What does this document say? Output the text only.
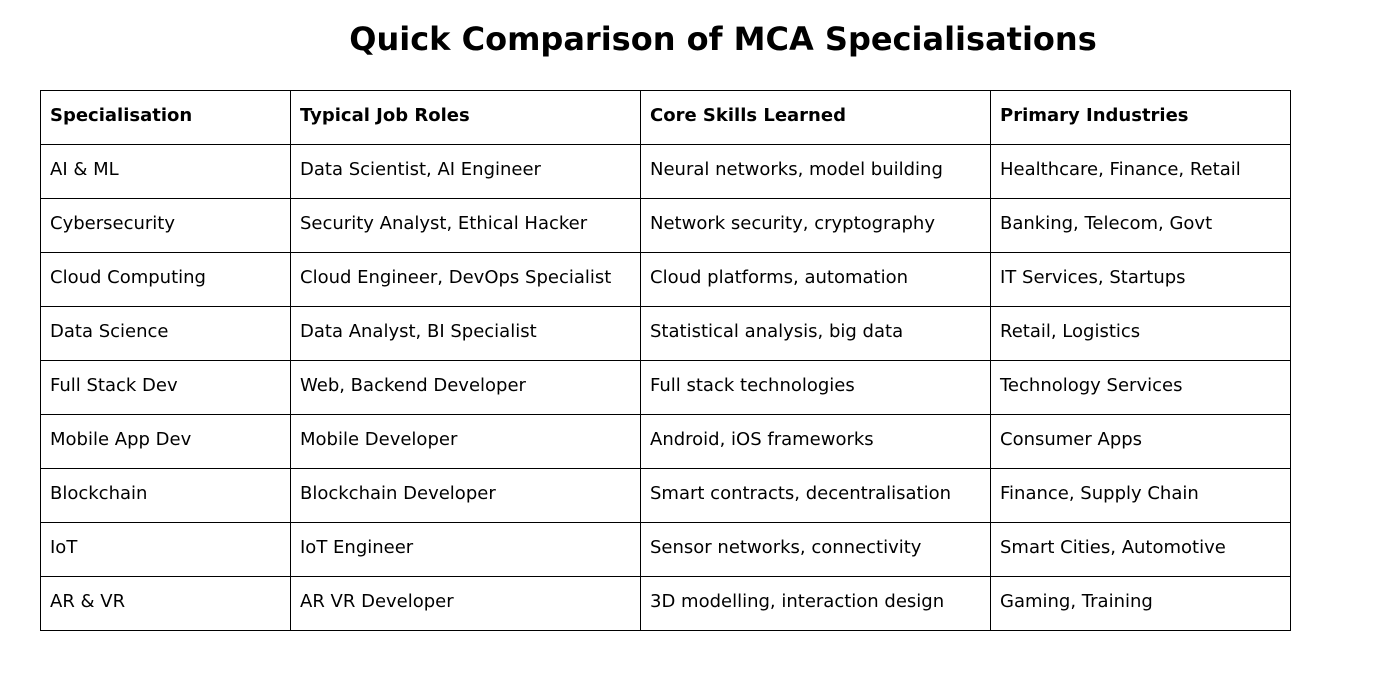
Quick Comparison of MCA Specialisations
Specialisation	Typical Job Roles	Core Skills Learned	Primary Industries
AI & ML	Data Scientist, AI Engineer	Neural networks, model building	Healthcare, Finance, Retail
Cybersecurity	Security Analyst, Ethical Hacker	Network security, cryptography	Banking, Telecom, Govt
Cloud Computing	Cloud Engineer, DevOps Specialist	Cloud platforms, automation	IT Services, Startups
Data Science	Data Analyst, BI Specialist	Statistical analysis, big data	Retail, Logistics
Full Stack Dev	Web, Backend Developer	Full stack technologies	Technology Services
Mobile App Dev	Mobile Developer	Android, iOS frameworks	Consumer Apps
Blockchain	Blockchain Developer	Smart contracts, decentralisation	Finance, Supply Chain
IoT	IoT Engineer	Sensor networks, connectivity	Smart Cities, Automotive
AR & VR	AR VR Developer	3D modelling, interaction design	Gaming, Training
